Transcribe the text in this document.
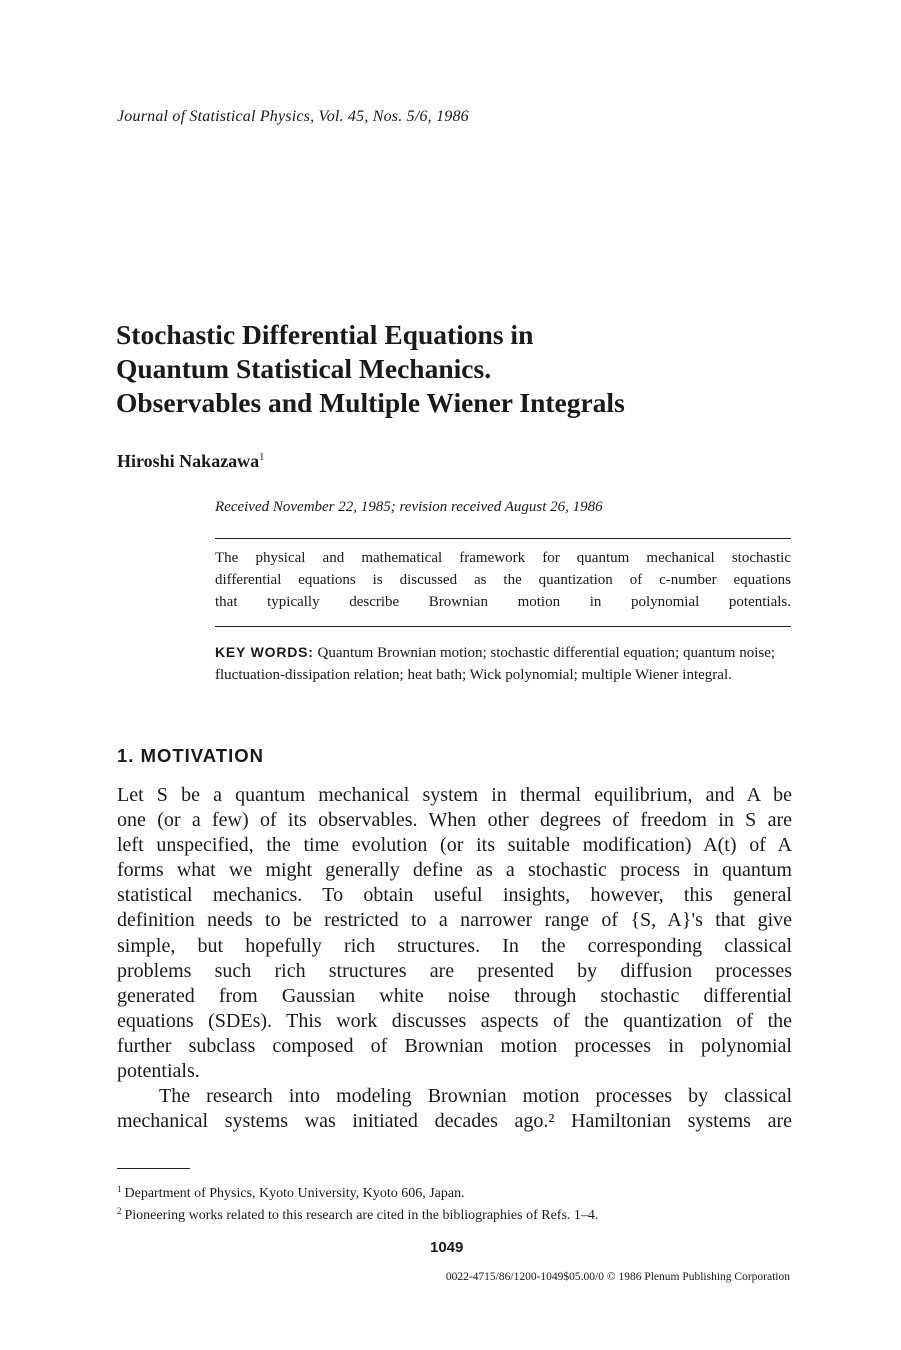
Journal of Statistical Physics, Vol. 45, Nos. 5/6, 1986
Stochastic Differential Equations in
Quantum Statistical Mechanics.
Observables and Multiple Wiener Integrals
Hiroshi Nakazawa$^1$
Received November 22, 1985; revision received August 26, 1986
The physical and mathematical framework for quantum mechanical stochastic
differential equations is discussed as the quantization of c-number equations
that typically describe Brownian motion in polynomial potentials.
KEY WORDS: Quantum Brownian motion; stochastic differential equation; quantum noise; fluctuation-dissipation relation; heat bath; Wick polynomial; multiple Wiener integral.
1. MOTIVATION
Let S be a quantum mechanical system in thermal equilibrium, and A be
one (or a few) of its observables. When other degrees of freedom in S are
left unspecified, the time evolution (or its suitable modification) A(t) of A
forms what we might generally define as a stochastic process in quantum
statistical mechanics. To obtain useful insights, however, this general
definition needs to be restricted to a narrower range of {S, A}'s that give
simple, but hopefully rich structures. In the corresponding classical
problems such rich structures are presented by diffusion processes
generated from Gaussian white noise through stochastic differential
equations (SDEs). This work discusses aspects of the quantization of the
further subclass composed of Brownian motion processes in polynomial
potentials.
The research into modeling Brownian motion processes by classical
mechanical systems was initiated decades ago.² Hamiltonian systems are
$^1$ Department of Physics, Kyoto University, Kyoto 606, Japan.
$^2$ Pioneering works related to this research are cited in the bibliographies of Refs. 1–4.
1049
0022-4715/86/1200-1049$05.00/0 © 1986 Plenum Publishing Corporation
